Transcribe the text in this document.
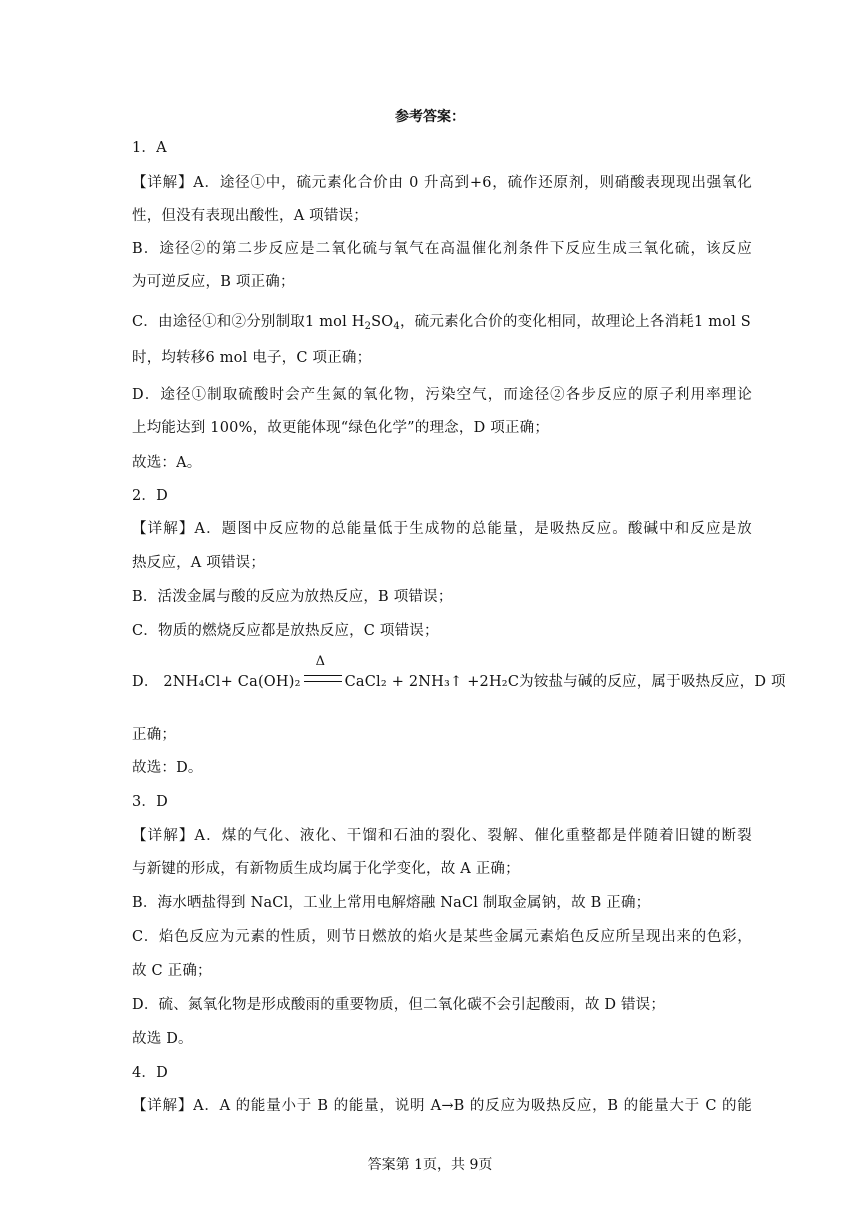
参考答案：
1．A
【详解】A．途径①中，硫元素化合价由 0 升高到+6，硫作还原剂，则硝酸表现现出强氧化
性，但没有表现出酸性，A 项错误；
B．途径②的第二步反应是二氧化硫与氧气在高温催化剂条件下反应生成三氧化硫，该反应
为可逆反应，B 项正确；
C．由途径①和②分别制取1 mol $H_2SO_4$，硫元素化合价的变化相同，故理论上各消耗1 mol S
时，均转移6 mol 电子，C 项正确；
D．途径①制取硫酸时会产生氮的氧化物，污染空气，而途径②各步反应的原子利用率理论
上均能达到 100%，故更能体现“绿色化学”的理念，D 项正确；
故选：A。
2．D
【详解】A．题图中反应物的总能量低于生成物的总能量，是吸热反应。酸碱中和反应是放
热反应，A 项错误；
B．活泼金属与酸的反应为放热反应，B 项错误；
C．物质的燃烧反应都是放热反应，C 项错误；
D． 2NH₄Cl+ Ca(OH)₂
Δ
CaCl₂ + 2NH₃↑ +2H₂C为铵盐与碱的反应，属于吸热反应，D 项
正确；
故选：D。
3．D
【详解】A．煤的气化、液化、干馏和石油的裂化、裂解、催化重整都是伴随着旧键的断裂
与新键的形成，有新物质生成均属于化学变化，故 A 正确；
B．海水晒盐得到 NaCl，工业上常用电解熔融 NaCl 制取金属钠，故 B 正确；
C．焰色反应为元素的性质，则节日燃放的焰火是某些金属元素焰色反应所呈现出来的色彩，
故 C 正确；
D．硫、氮氧化物是形成酸雨的重要物质，但二氧化碳不会引起酸雨，故 D 错误；
故选 D。
4．D
【详解】A．A 的能量小于 B 的能量，说明 A→B 的反应为吸热反应，B 的能量大于 C 的能
答案第 1页，共 9页
